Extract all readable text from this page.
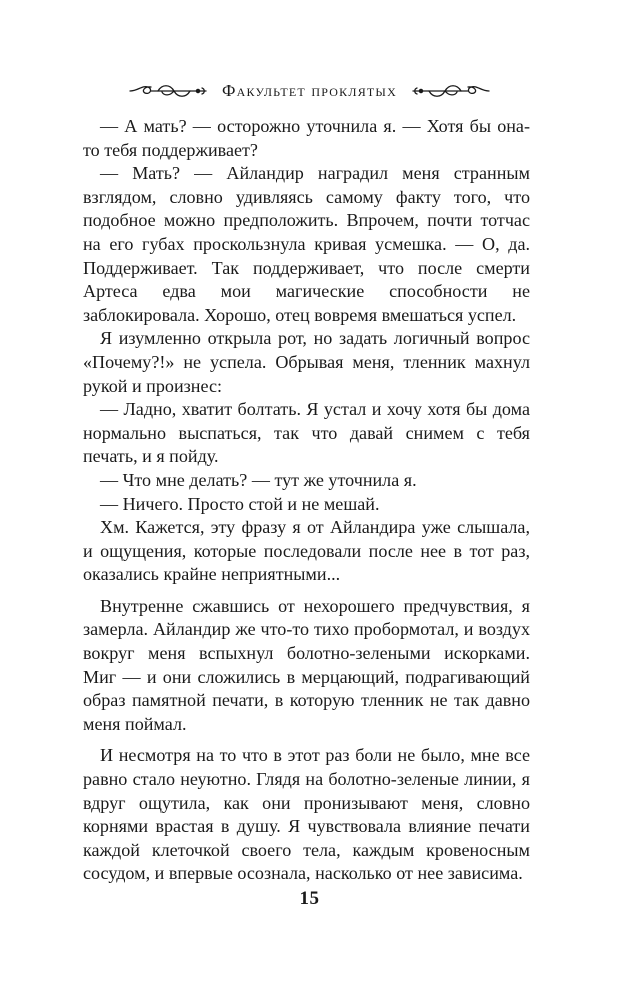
Факультет проклятых

— А мать? — осторожно уточнила я. — Хотя бы она-то тебя поддерживает?

— Мать? — Айландир наградил меня странным взглядом, словно удивляясь самому факту того, что подобное можно предположить. Впрочем, почти тотчас на его губах проскользнула кривая усмешка. — О, да. Поддерживает. Так поддерживает, что после смерти Артеса едва мои магические способности не заблокировала. Хорошо, отец вовремя вмешаться успел.

Я изумленно открыла рот, но задать логичный вопрос «Почему?!» не успела. Обрывая меня, тленник махнул рукой и произнес:

— Ладно, хватит болтать. Я устал и хочу хотя бы дома нормально выспаться, так что давай снимем с тебя печать, и я пойду.

— Что мне делать? — тут же уточнила я.

— Ничего. Просто стой и не мешай.

Хм. Кажется, эту фразу я от Айландира уже слышала, и ощущения, которые последовали после нее в тот раз, оказались крайне неприятными...

Внутренне сжавшись от нехорошего предчувствия, я замерла. Айландир же что-то тихо пробормотал, и воздух вокруг меня вспыхнул болотно-зелеными искорками. Миг — и они сложились в мерцающий, подрагивающий образ памятной печати, в которую тленник не так давно меня поймал.

И несмотря на то что в этот раз боли не было, мне все равно стало неуютно. Глядя на болотно-зеленые линии, я вдруг ощутила, как они пронизывают меня, словно корнями врастая в душу. Я чувствовала влияние печати каждой клеточкой своего тела, каждым кровеносным сосудом, и впервые осознала, насколько от нее зависима.

15
